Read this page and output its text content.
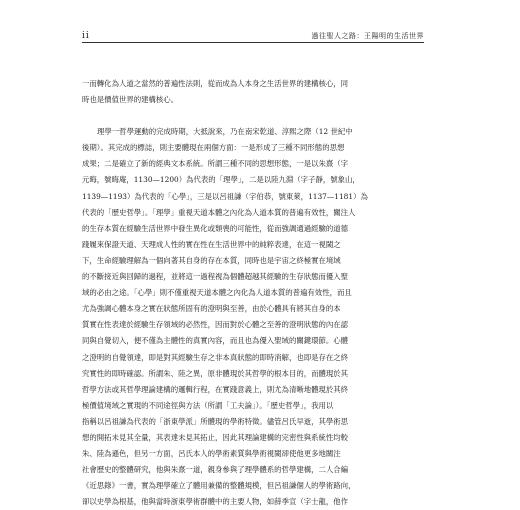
ii	過往聖人之路：王陽明的生活世界
一而轉化為人道之當然的普遍性法則，從而成為人本身之生活世界的建構核心，同
時也是價值世界的建構核心。
理學一哲學運動的完成時期，大抵說來，乃在南宋乾道、淳熙之際（12 世紀中
後期）。其完成的標誌，則主要體現在兩個方面：一是形成了三種不同形態的思想
成果；二是確立了新的經典文本系統。所謂三種不同的思想形態，一是以朱熹（字
元晦，號晦庵，1130—1200）為代表的「理學」，二是以陸九淵（字子靜，號象山，
1139—1193）為代表的「心學」，三是以呂祖謙（字伯恭，號東萊，1137—1181）為
代表的「歷史哲學」。「理學」重視天道本體之內化為人道本質的普遍有效性，關注人
的生存本質在經驗生活世界中發生異化或頹喪的可能性，從而強調通過經驗的道德
踐履來保證天道、天理成人性的實在性在生活世界中的純粹表達，在這一視閾之
下，生命經驗理解為一個向著其自身的存在本質，同時也是宇宙之終極實在境域
的不斷接近與回歸的過程，並將這一過程視為個體超越其經驗的生存狀態而優入聖
域的必由之途。「心學」則不僅重視天道本體之內化為人道本質的普遍有效性，而且
尤為強調心體本身之實在狀態所固有的澄明與至善，由於心體具有將其自身的本
質實在性表達於經驗生存領域的必然性，因而對於心體之至善的澄明狀態的內在認
同與自覺切入，便不僅為主體性的真實內容，而且也為優入聖域的關鍵環節。心體
之澄明的自覺領達，即是對其經驗生存之非本真狀態的即時消解，也即是存在之終
究實性的即時確認。所謂朱、陸之異，原非體現於其哲學的根本目的，而體現於其
哲學方法或其哲學理論建構的邏輯行程，在實踐意義上，則尤為清晰地體現於其終
極價值境域之實現的不同途徑與方法（所謂「工夫論」）。「歷史哲學」，我用以
指稱以呂祖謙為代表的「浙東學派」所體現的學術特徵。儘管呂氏早逝，其學術思
想的開拓未見其全量，其表達未見其拓止，因此其理論建構的完密性與系統性均較
朱、陸為遜色，但另一方面，呂氏本人的學術素質與學術視閾卻使他更多地關注
社會歷史的整體研究，他與朱熹一道，親身參與了理學體系的哲學建構，二人合編
《近思錄》一書，實為理學確立了體用兼備的整體規模，但呂祖謙個人的學術路向，
卻以史學為根基，他與當時浙東學術群體中的主要人物，如薛季宣（字士龍，他作
